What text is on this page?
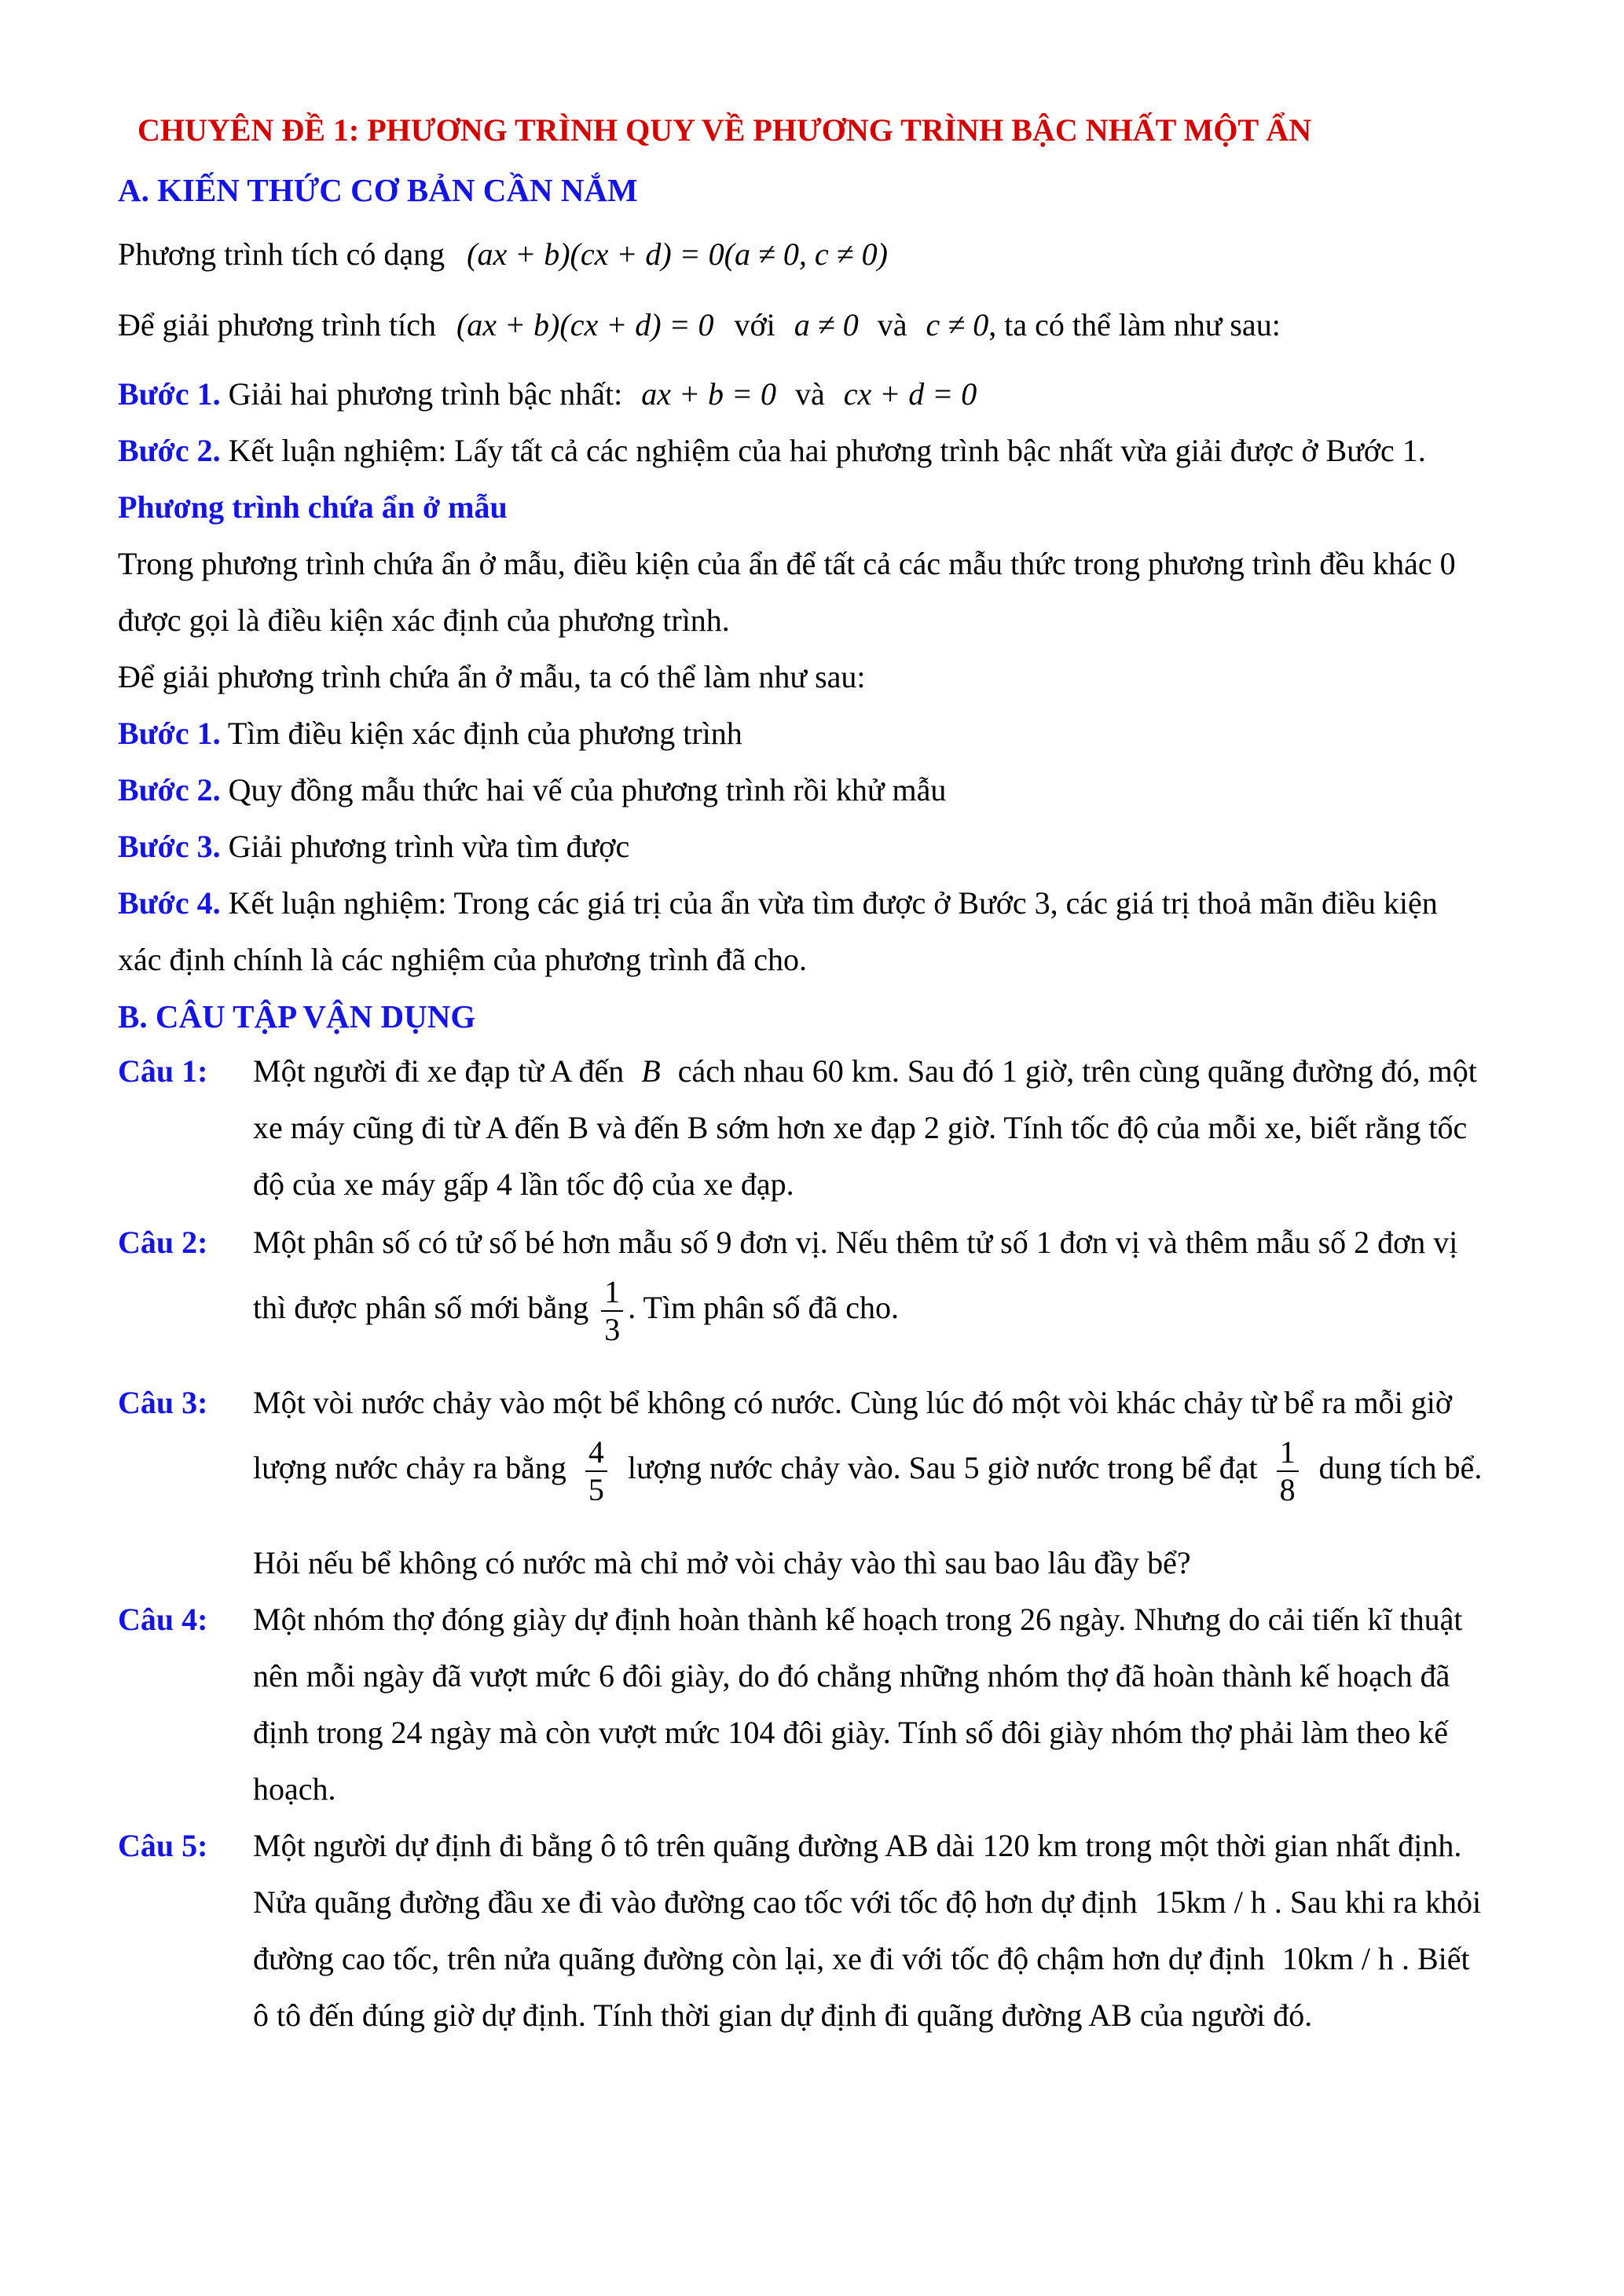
CHUYÊN ĐỀ 1: PHƯƠNG TRÌNH QUY VỀ PHƯƠNG TRÌNH BẬC NHẤT MỘT ẨN
A. KIẾN THỨC CƠ BẢN CẦN NẮM
Phương trình tích có dạng (ax + b)(cx + d) = 0(a ≠ 0, c ≠ 0)
Để giải phương trình tích (ax + b)(cx + d) = 0 với a ≠ 0 và c ≠ 0, ta có thể làm như sau:
Bước 1. Giải hai phương trình bậc nhất: ax + b = 0 và cx + d = 0
Bước 2. Kết luận nghiệm: Lấy tất cả các nghiệm của hai phương trình bậc nhất vừa giải được ở Bước 1.
Phương trình chứa ẩn ở mẫu
Trong phương trình chứa ẩn ở mẫu, điều kiện của ẩn để tất cả các mẫu thức trong phương trình đều khác 0
được gọi là điều kiện xác định của phương trình.
Để giải phương trình chứa ẩn ở mẫu, ta có thể làm như sau:
Bước 1. Tìm điều kiện xác định của phương trình
Bước 2. Quy đồng mẫu thức hai vế của phương trình rồi khử mẫu
Bước 3. Giải phương trình vừa tìm được
Bước 4. Kết luận nghiệm: Trong các giá trị của ẩn vừa tìm được ở Bước 3, các giá trị thoả mãn điều kiện
xác định chính là các nghiệm của phương trình đã cho.
B. CÂU TẬP VẬN DỤNG
Câu 1: Một người đi xe đạp từ A đến B cách nhau 60 km. Sau đó 1 giờ, trên cùng quãng đường đó, một
xe máy cũng đi từ A đến B và đến B sớm hơn xe đạp 2 giờ. Tính tốc độ của mỗi xe, biết rằng tốc
độ của xe máy gấp 4 lần tốc độ của xe đạp.
Câu 2: Một phân số có tử số bé hơn mẫu số 9 đơn vị. Nếu thêm tử số 1 đơn vị và thêm mẫu số 2 đơn vị
thì được phân số mới bằng $\frac{1}{3}$ . Tìm phân số đã cho.
Câu 3: Một vòi nước chảy vào một bể không có nước. Cùng lúc đó một vòi khác chảy từ bể ra mỗi giờ
lượng nước chảy ra bằng $\frac{4}{5}$ lượng nước chảy vào. Sau 5 giờ nước trong bể đạt $\frac{1}{8}$ dung tích bể.
Hỏi nếu bể không có nước mà chỉ mở vòi chảy vào thì sau bao lâu đầy bể?
Câu 4: Một nhóm thợ đóng giày dự định hoàn thành kế hoạch trong 26 ngày. Nhưng do cải tiến kĩ thuật
nên mỗi ngày đã vượt mức 6 đôi giày, do đó chẳng những nhóm thợ đã hoàn thành kế hoạch đã
định trong 24 ngày mà còn vượt mức 104 đôi giày. Tính số đôi giày nhóm thợ phải làm theo kế
hoạch.
Câu 5: Một người dự định đi bằng ô tô trên quãng đường AB dài 120 km trong một thời gian nhất định.
Nửa quãng đường đầu xe đi vào đường cao tốc với tốc độ hơn dự định 15km / h . Sau khi ra khỏi
đường cao tốc, trên nửa quãng đường còn lại, xe đi với tốc độ chậm hơn dự định 10km / h . Biết
ô tô đến đúng giờ dự định. Tính thời gian dự định đi quãng đường AB của người đó.
